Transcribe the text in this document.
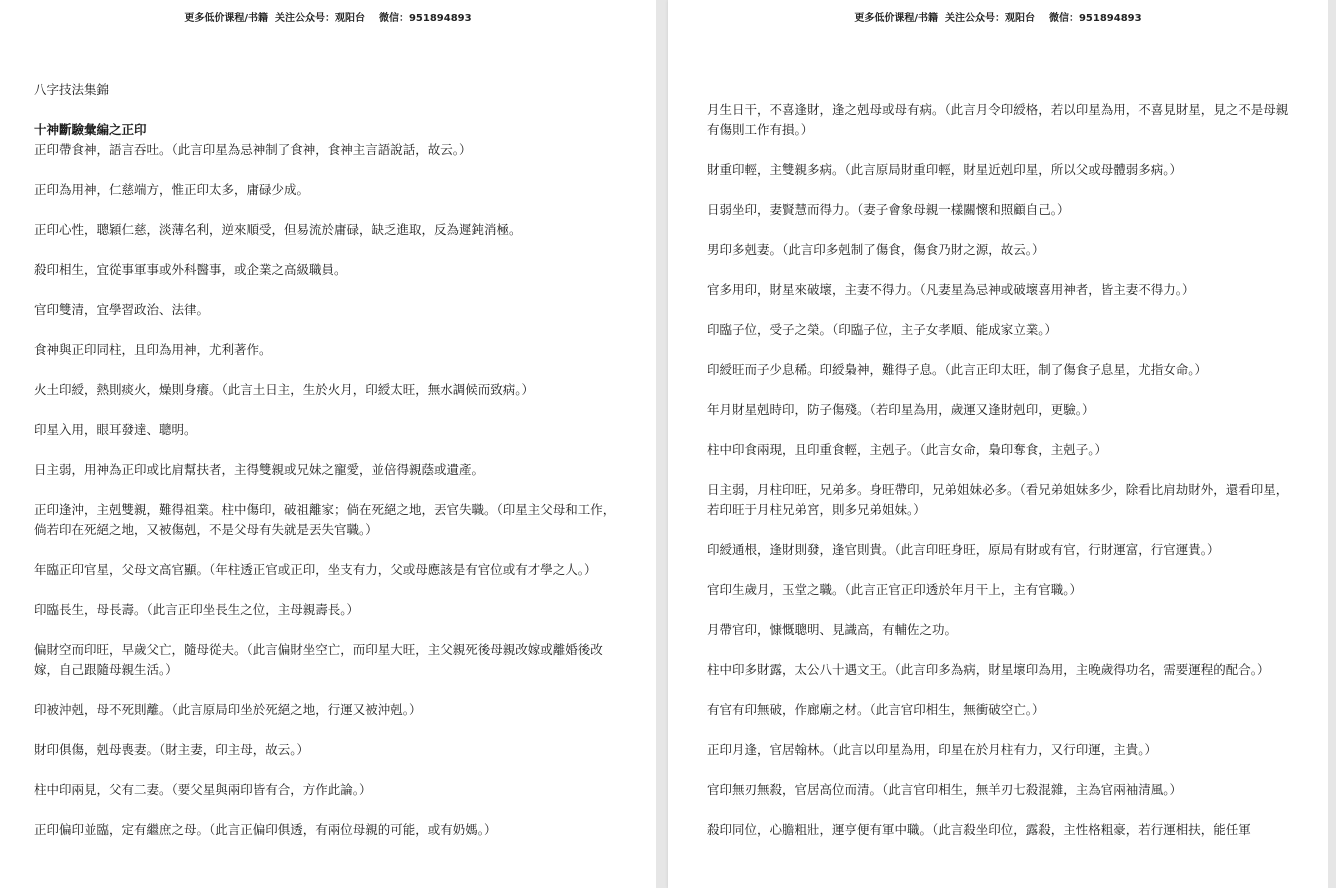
更多低价课程/书籍  关注公众号：观阳台    微信：951894893

八字技法集錦

十神斷驗彙編之正印

正印帶食神，語言吞吐。（此言印星為忌神制了食神，食神主言語說話，故云。）

正印為用神，仁慈端方，惟正印太多，庸碌少成。

正印心性，聰穎仁慈，淡薄名利，逆來順受，但易流於庸碌，缺乏進取，反為遲鈍消極。

殺印相生，宜從事軍事或外科醫事，或企業之高級職員。

官印雙清，宜學習政治、法律。

食神與正印同柱，且印為用神，尤利著作。

火土印綬，熱則痰火，燥則身癢。（此言土日主，生於火月，印綬太旺，無水調候而致病。）

印星入用，眼耳發達、聰明。

日主弱，用神為正印或比肩幫扶者，主得雙親或兄妹之寵愛，並倍得親蔭或遺產。

正印逢沖，主剋雙親，難得祖業。柱中傷印，破祖離家；倘在死絕之地，丟官失職。（印星主父母和工作，倘若印在死絕之地，又被傷剋，不是父母有失就是丟失官職。）

年臨正印官星，父母文高官顯。（年柱透正官或正印，坐支有力，父或母應該是有官位或有才學之人。）

印臨長生，母長壽。（此言正印坐長生之位，主母親壽長。）

偏財空而印旺，早歲父亡，隨母從夫。（此言偏財坐空亡，而印星大旺，主父親死後母親改嫁或離婚後改嫁，自己跟隨母親生活。）

印被沖剋，母不死則離。（此言原局印坐於死絕之地，行運又被沖剋。）

財印俱傷，剋母喪妻。（財主妻，印主母，故云。）

柱中印兩見，父有二妻。（要父星與兩印皆有合，方作此論。）

正印偏印並臨，定有繼庶之母。（此言正偏印俱透，有兩位母親的可能，或有奶媽。）

更多低价课程/书籍  关注公众号：观阳台    微信：951894893

月生日干，不喜逢財，逢之剋母或母有病。（此言月令印綬格，若以印星為用，不喜見財星，見之不是母親有傷則工作有損。）

財重印輕，主雙親多病。（此言原局財重印輕，財星近剋印星，所以父或母體弱多病。）

日弱坐印，妻賢慧而得力。（妻子會象母親一樣關懷和照顧自己。）

男印多剋妻。（此言印多剋制了傷食，傷食乃財之源，故云。）

官多用印，財星來破壞，主妻不得力。（凡妻星為忌神或破壞喜用神者，皆主妻不得力。）

印臨子位，受子之榮。（印臨子位，主子女孝順、能成家立業。）

印綬旺而子少息稀。印綬梟神，難得子息。（此言正印太旺，制了傷食子息星，尤指女命。）

年月財星剋時印，防子傷殘。（若印星為用，歲運又逢財剋印，更驗。）

柱中印食兩現，且印重食輕，主剋子。（此言女命，梟印奪食，主剋子。）

日主弱，月柱印旺，兄弟多。身旺帶印，兄弟姐妹必多。（看兄弟姐妹多少，除看比肩劫財外，還看印星，若印旺于月柱兄弟宮，則多兄弟姐妹。）

印綬通根，逢財則發，逢官則貴。（此言印旺身旺，原局有財或有官，行財運富，行官運貴。）

官印生歲月，玉堂之職。（此言正官正印透於年月干上，主有官職。）

月帶官印，慷慨聰明、見識高，有輔佐之功。

柱中印多財露，太公八十遇文王。（此言印多為病，財星壞印為用，主晚歲得功名，需要運程的配合。）

有官有印無破，作廊廟之材。（此言官印相生，無衝破空亡。）

正印月逢，官居翰林。（此言以印星為用，印星在於月柱有力，又行印運，主貴。）

官印無刃無殺，官居高位而清。（此言官印相生，無羊刃七殺混雜，主為官兩袖清風。）

殺印同位，心膽粗壯，運亨便有軍中職。（此言殺坐印位，露殺，主性格粗豪，若行運相扶，能任軍
